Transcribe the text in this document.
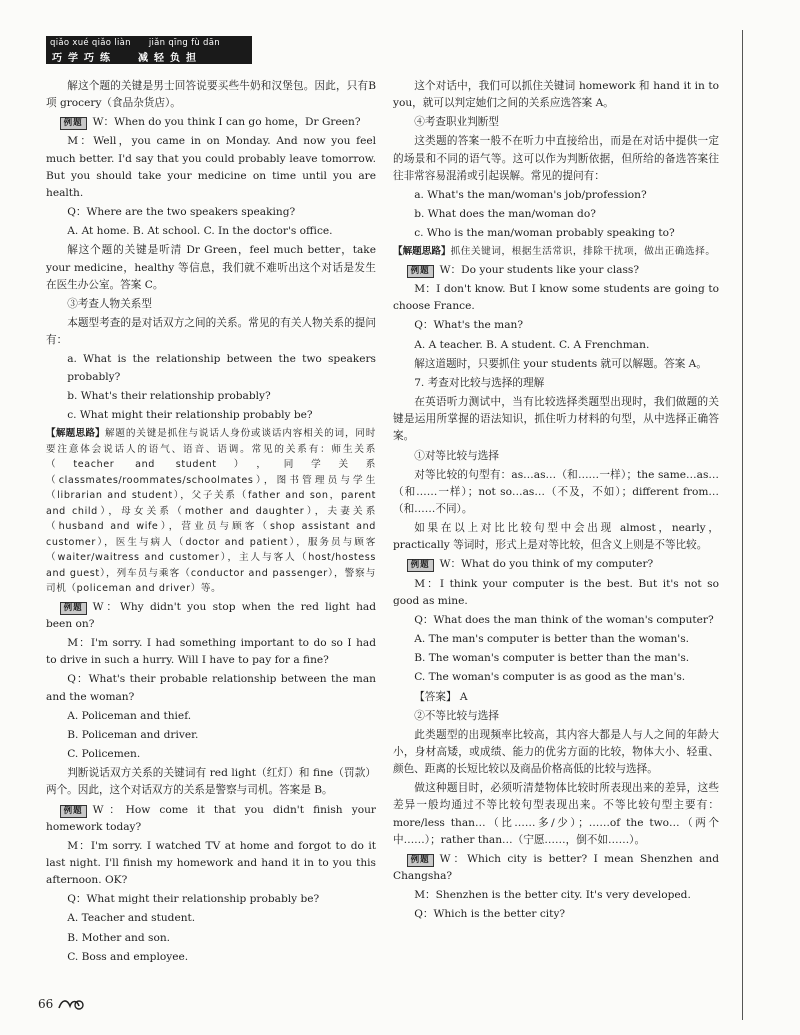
qiǎo xué qiǎo liàn jiǎn qīng fù dān
巧学巧练 减轻负担

解这个题的关键是男士回答说要买些牛奶和汉堡包。因此，只有B项 grocery（食品杂货店）。

例题 W：When do you think I can go home，Dr Green?

M：Well，you came in on Monday. And now you feel much better. I'd say that you could probably leave tomorrow. But you should take your medicine on time until you are health.

Q：Where are the two speakers speaking?

A. At home. B. At school. C. In the doctor's office.

解这个题的关键是听清 Dr Green，feel much better，take your medicine，healthy 等信息，我们就不难听出这个对话是发生在医生办公室。答案 C。

③考查人物关系型

本题型考查的是对话双方之间的关系。常见的有关人物关系的提问有：

a. What is the relationship between the two speakers probably?

b. What's their relationship probably?

c. What might their relationship probably be?

【解题思路】解题的关键是抓住与说话人身份或谈话内容相关的词，同时要注意体会说话人的语气、语音、语调。常见的关系有：师生关系（teacher and student），同学关系（classmates/roommates/schoolmates），图书管理员与学生（librarian and student），父子关系（father and son，parent and child），母女关系（mother and daughter），夫妻关系（husband and wife），营业员与顾客（shop assistant and customer），医生与病人（doctor and patient），服务员与顾客（waiter/waitress and customer），主人与客人（host/hostess and guest），列车员与乘客（conductor and passenger），警察与司机（policeman and driver）等。

例题 W：Why didn't you stop when the red light had been on?

M：I'm sorry. I had something important to do so I had to drive in such a hurry. Will I have to pay for a fine?

Q：What's their probable relationship between the man and the woman?

A. Policeman and thief.

B. Policeman and driver.

C. Policemen.

判断说话双方关系的关键词有 red light（红灯）和 fine（罚款）两个。因此，这个对话双方的关系是警察与司机。答案是 B。

例题 W：How come it that you didn't finish your homework today?

M：I'm sorry. I watched TV at home and forgot to do it last night. I'll finish my homework and hand it in to you this afternoon. OK?

Q：What might their relationship probably be?

A. Teacher and student.

B. Mother and son.

C. Boss and employee.

这个对话中，我们可以抓住关键词 homework 和 hand it in to you，就可以判定她们之间的关系应选答案 A。

④考查职业判断型

这类题的答案一般不在听力中直接给出，而是在对话中提供一定的场景和不同的语气等。这可以作为判断依据，但所给的备选答案往往非常容易混淆或引起误解。常见的提问有：

a. What's the man/woman's job/profession?

b. What does the man/woman do?

c. Who is the man/woman probably speaking to?

【解题思路】抓住关键词，根据生活常识，排除干扰项，做出正确选择。

例题 W：Do your students like your class?

M：I don't know. But I know some students are going to choose France.

Q：What's the man?

A. A teacher. B. A student. C. A Frenchman.

解这道题时，只要抓住 your students 就可以解题。答案 A。

7. 考查对比较与选择的理解

在英语听力测试中，当有比较选择类题型出现时，我们做题的关键是运用所掌握的语法知识，抓住听力材料的句型，从中选择正确答案。

①对等比较与选择

对等比较的句型有：as…as…（和……一样）；the same…as…（和……一样）；not so…as…（不及，不如）；different from…（和……不同）。

如果在以上对比比较句型中会出现 almost，nearly，practically 等词时，形式上是对等比较，但含义上则是不等比较。

例题 W：What do you think of my computer?

M：I think your computer is the best. But it's not so good as mine.

Q：What does the man think of the woman's computer?

A. The man's computer is better than the woman's.

B. The woman's computer is better than the man's.

C. The woman's computer is as good as the man's.

【答案】 A

②不等比较与选择

此类题型的出现频率比较高，其内容大都是人与人之间的年龄大小，身材高矮，或成绩、能力的优劣方面的比较，物体大小、轻重、颜色、距离的长短比较以及商品价格高低的比较与选择。

做这种题目时，必须听清楚物体比较时所表现出来的差异，这些差异一般均通过不等比较句型表现出来。不等比较句型主要有：more/less than…（比……多/少）；……of the two…（两个中……）；rather than…（宁愿……，倒不如……）。

例题 W：Which city is better? I mean Shenzhen and Changsha?

M：Shenzhen is the better city. It's very developed.

Q：Which is the better city?

66
